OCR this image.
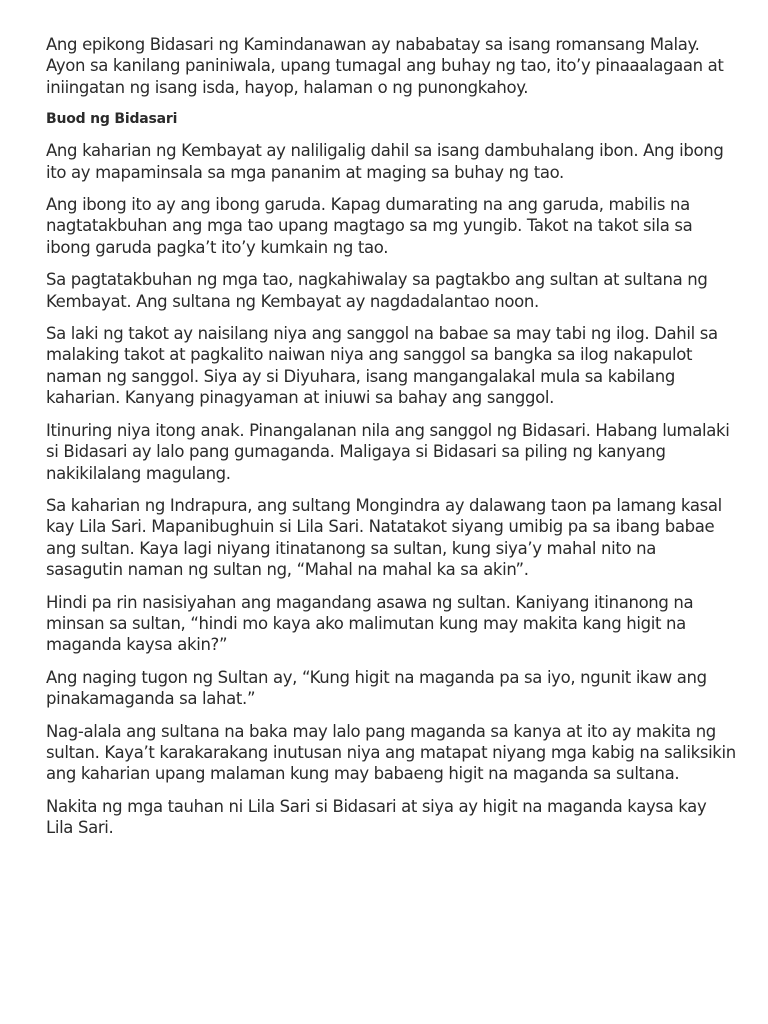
Ang epikong Bidasari ng Kamindanawan ay nababatay sa isang romansang Malay. Ayon sa kanilang paniniwala, upang tumagal ang buhay ng tao, ito’y pinaaalagaan at iniingatan ng isang isda, hayop, halaman o ng punongkahoy.

Buod ng Bidasari

Ang kaharian ng Kembayat ay naliligalig dahil sa isang dambuhalang ibon. Ang ibong ito ay mapaminsala sa mga pananim at maging sa buhay ng tao.

Ang ibong ito ay ang ibong garuda. Kapag dumarating na ang garuda, mabilis na nagtatakbuhan ang mga tao upang magtago sa mg yungib. Takot na takot sila sa ibong garuda pagka’t ito’y kumkain ng tao.

Sa pagtatakbuhan ng mga tao, nagkahiwalay sa pagtakbo ang sultan at sultana ng Kembayat. Ang sultana ng Kembayat ay nagdadalantao noon.

Sa laki ng takot ay naisilang niya ang sanggol na babae sa may tabi ng ilog. Dahil sa malaking takot at pagkalito naiwan niya ang sanggol sa bangka sa ilog nakapulot naman ng sanggol. Siya ay si Diyuhara, isang mangangalakal mula sa kabilang kaharian. Kanyang pinagyaman at iniuwi sa bahay ang sanggol.

Itinuring niya itong anak. Pinangalanan nila ang sanggol ng Bidasari. Habang lumalaki si Bidasari ay lalo pang gumaganda. Maligaya si Bidasari sa piling ng kanyang nakikilalang magulang.

Sa kaharian ng Indrapura, ang sultang Mongindra ay dalawang taon pa lamang kasal kay Lila Sari. Mapanibughuin si Lila Sari. Natatakot siyang umibig pa sa ibang babae ang sultan. Kaya lagi niyang itinatanong sa sultan, kung siya’y mahal nito na sasagutin naman ng sultan ng, “Mahal na mahal ka sa akin”.

Hindi pa rin nasisiyahan ang magandang asawa ng sultan. Kaniyang itinanong na minsan sa sultan, “hindi mo kaya ako malimutan kung may makita kang higit na maganda kaysa akin?”

Ang naging tugon ng Sultan ay, “Kung higit na maganda pa sa iyo, ngunit ikaw ang pinakamaganda sa lahat.”

Nag-alala ang sultana na baka may lalo pang maganda sa kanya at ito ay makita ng sultan. Kaya’t karakarakang inutusan niya ang matapat niyang mga kabig na saliksikin ang kaharian upang malaman kung may babaeng higit na maganda sa sultana.

Nakita ng mga tauhan ni Lila Sari si Bidasari at siya ay higit na maganda kaysa kay Lila Sari.
